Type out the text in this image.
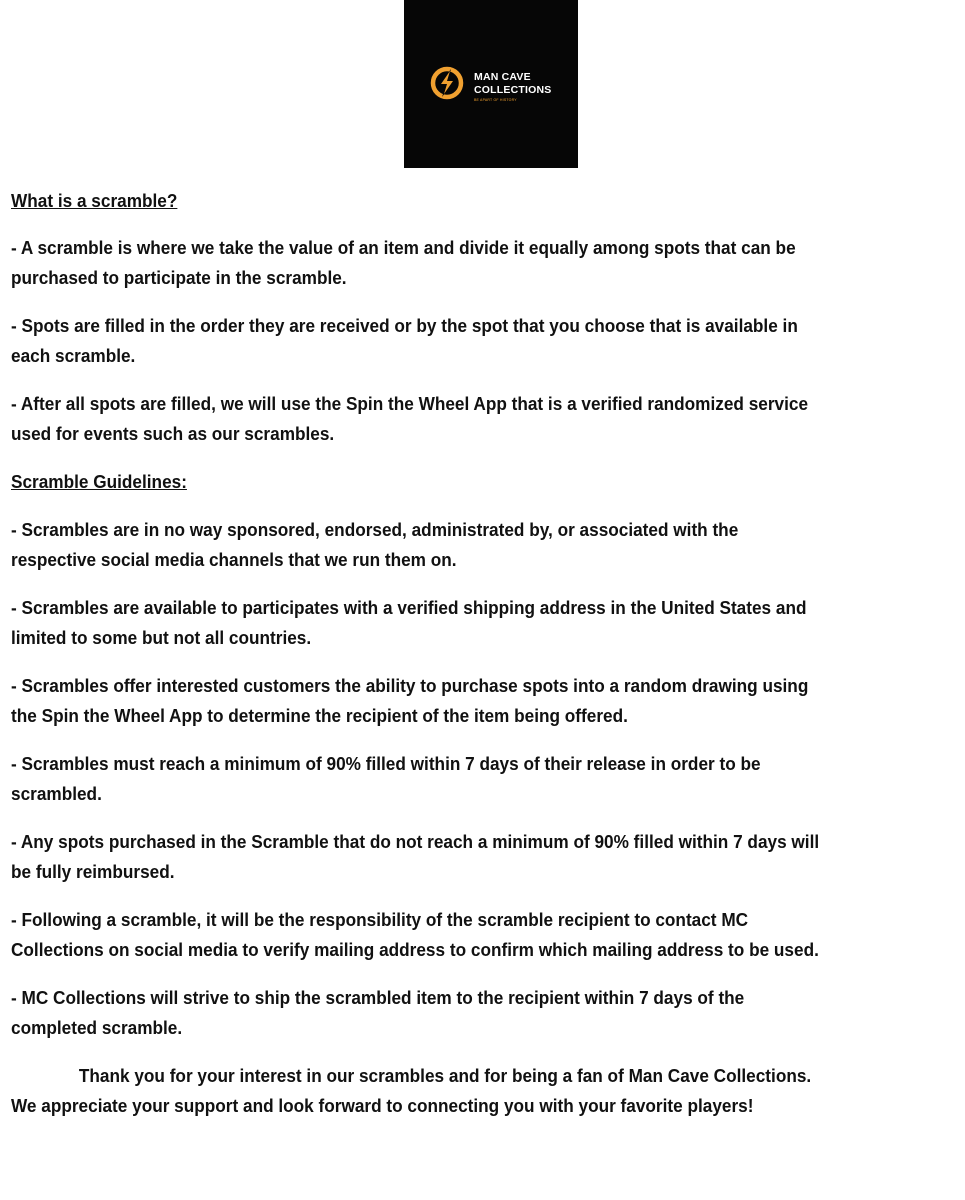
MAN CAVE
COLLECTIONS
BE APART OF HISTORY

What is a scramble?

- A scramble is where we take the value of an item and divide it equally among spots that can be

purchased to participate in the scramble.

- Spots are filled in the order they are received or by the spot that you choose that is available in

each scramble.

- After all spots are filled, we will use the Spin the Wheel App that is a verified randomized service

used for events such as our scrambles.

Scramble Guidelines:

- Scrambles are in no way sponsored, endorsed, administrated by, or associated with the

respective social media channels that we run them on.

- Scrambles are available to participates with a verified shipping address in the United States and

limited to some but not all countries.

- Scrambles offer interested customers the ability to purchase spots into a random drawing using

the Spin the Wheel App to determine the recipient of the item being offered.

- Scrambles must reach a minimum of 90% filled within 7 days of their release in order to be

scrambled.

- Any spots purchased in the Scramble that do not reach a minimum of 90% filled within 7 days will

be fully reimbursed.

- Following a scramble, it will be the responsibility of the scramble recipient to contact MC

Collections on social media to verify mailing address to confirm which mailing address to be used.

- MC Collections will strive to ship the scrambled item to the recipient within 7 days of the

completed scramble.

Thank you for your interest in our scrambles and for being a fan of Man Cave Collections.

We appreciate your support and look forward to connecting you with your favorite players!
